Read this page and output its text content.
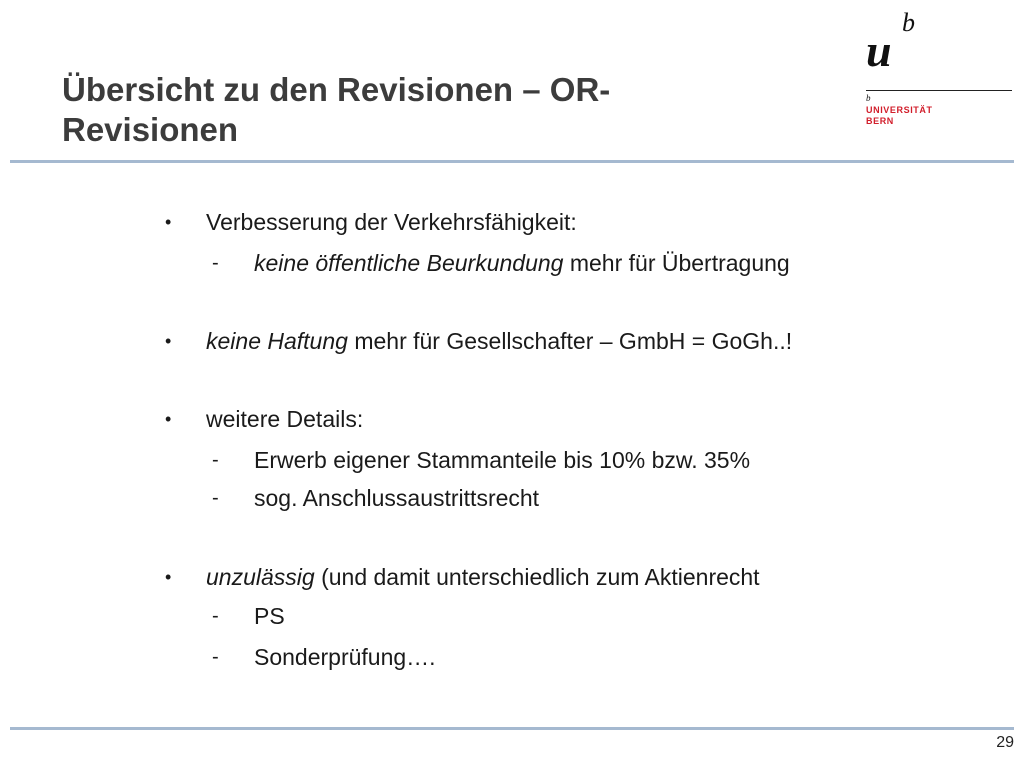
Übersicht zu den Revisionen – OR-Revisionen
u
b
b
UNIVERSITÄT
BERN
• Verbesserung der Verkehrsfähigkeit:
- keine öffentliche Beurkundung mehr für Übertragung
• keine Haftung mehr für Gesellschafter – GmbH = GoGh..!
• weitere Details:
- Erwerb eigener Stammanteile bis 10% bzw. 35%
- sog. Anschlussaustrittsrecht
• unzulässig (und damit unterschiedlich zum Aktienrecht
- PS
- Sonderprüfung….
29
